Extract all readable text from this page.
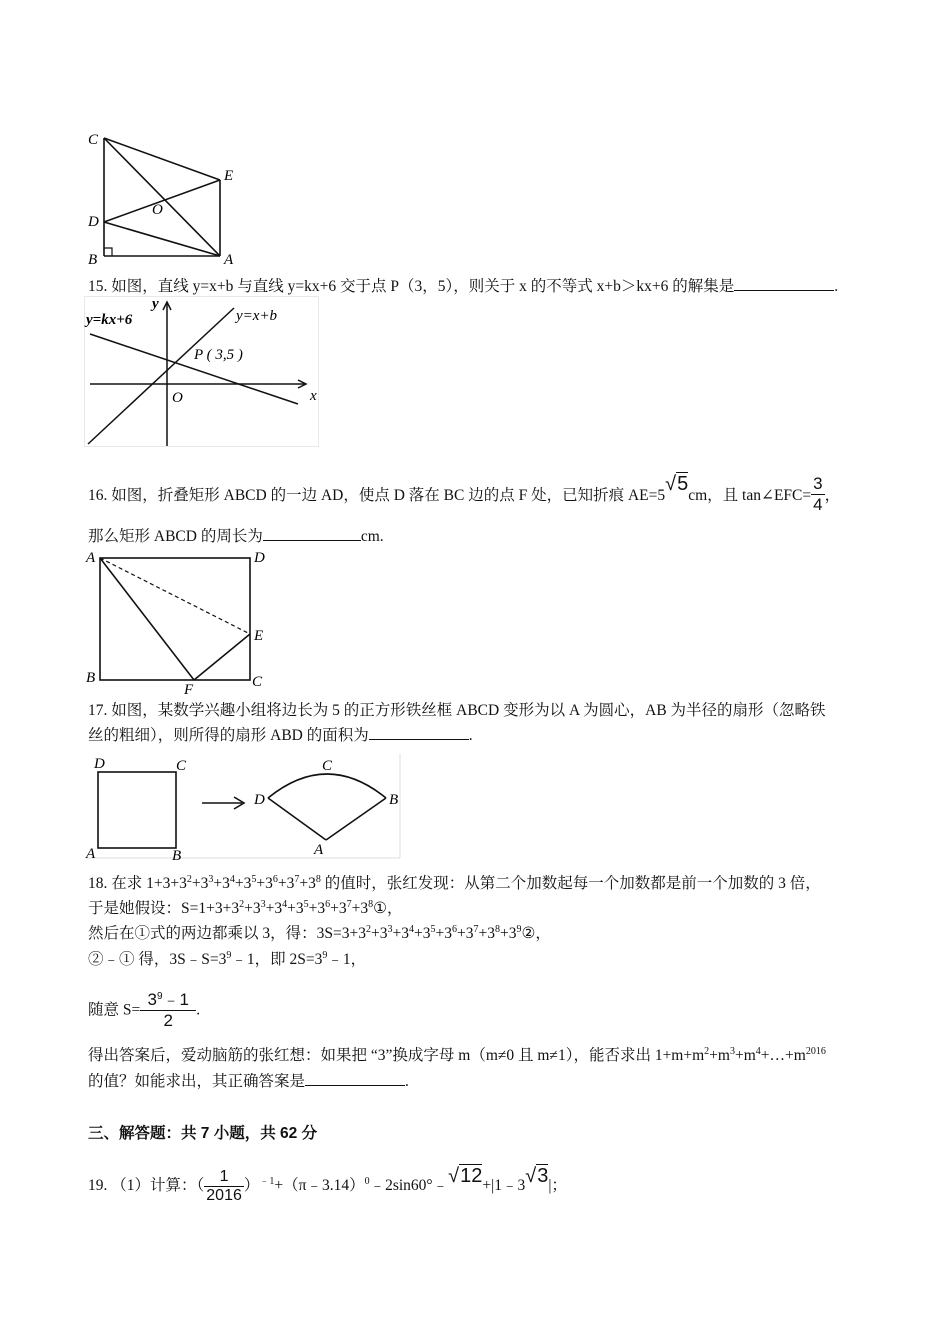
C
E
O
D
B	A
15. 如图，直线 y=x+b 与直线 y=kx+6 交于点 P（3，5），则关于 x 的不等式 x+b＞kx+6 的解集是	.
y=kx+6	y=x+b
P ( 3,5 )
y
x
O
16. 如图，折叠矩形 ABCD 的一边 AD，使点 D 落在 BC 边的点 F 处，已知折痕 AE=5√5cm，且 tan∠EFC= $\frac{3}{4}$ ，
那么矩形 ABCD 的周长为	cm.
A	D
E
B
F	C
17. 如图，某数学兴趣小组将边长为 5 的正方形铁丝框 ABCD 变形为以 A 为圆心，AB 为半径的扇形（忽略铁
丝的粗细），则所得的扇形 ABD 的面积为	.
D	C
A	B
D
C
B
A
18. 在求 $1+3+3^2+3^3+3^4+3^5+3^6+3^7+3^8$ 的值时，张红发现：从第二个加数起每一个加数都是前一个加数的 3 倍，
于是她假设：$S=1+3+3^2+3^3+3^4+3^5+3^6+3^7+3^8①$，
然后在①式的两边都乘以 3，得：$3S=3+3^2+3^3+3^4+3^5+3^6+3^7+3^8+3^9②$，
②﹣① 得，$3S﹣S=3^9﹣1$，即 $2S=3^9﹣1$，
随意 $S= \frac{3^9﹣1}{2}$ .
得出答案后，爱动脑筋的张红想：如果把 “3”换成字母 m（m≠0 且 m≠1），能否求出 $1+m+m^2+m^3+m^4+\dots+m^{2016}$
的值？如能求出，其正确答案是	.
三、解答题：共 7 小题，共 62 分
19. （1）计算：（ $\frac{1}{2016}$ ）$^{﹣1}$+（π﹣3.14）$^0$﹣2sin60°﹣√12+|1﹣3√3|；
